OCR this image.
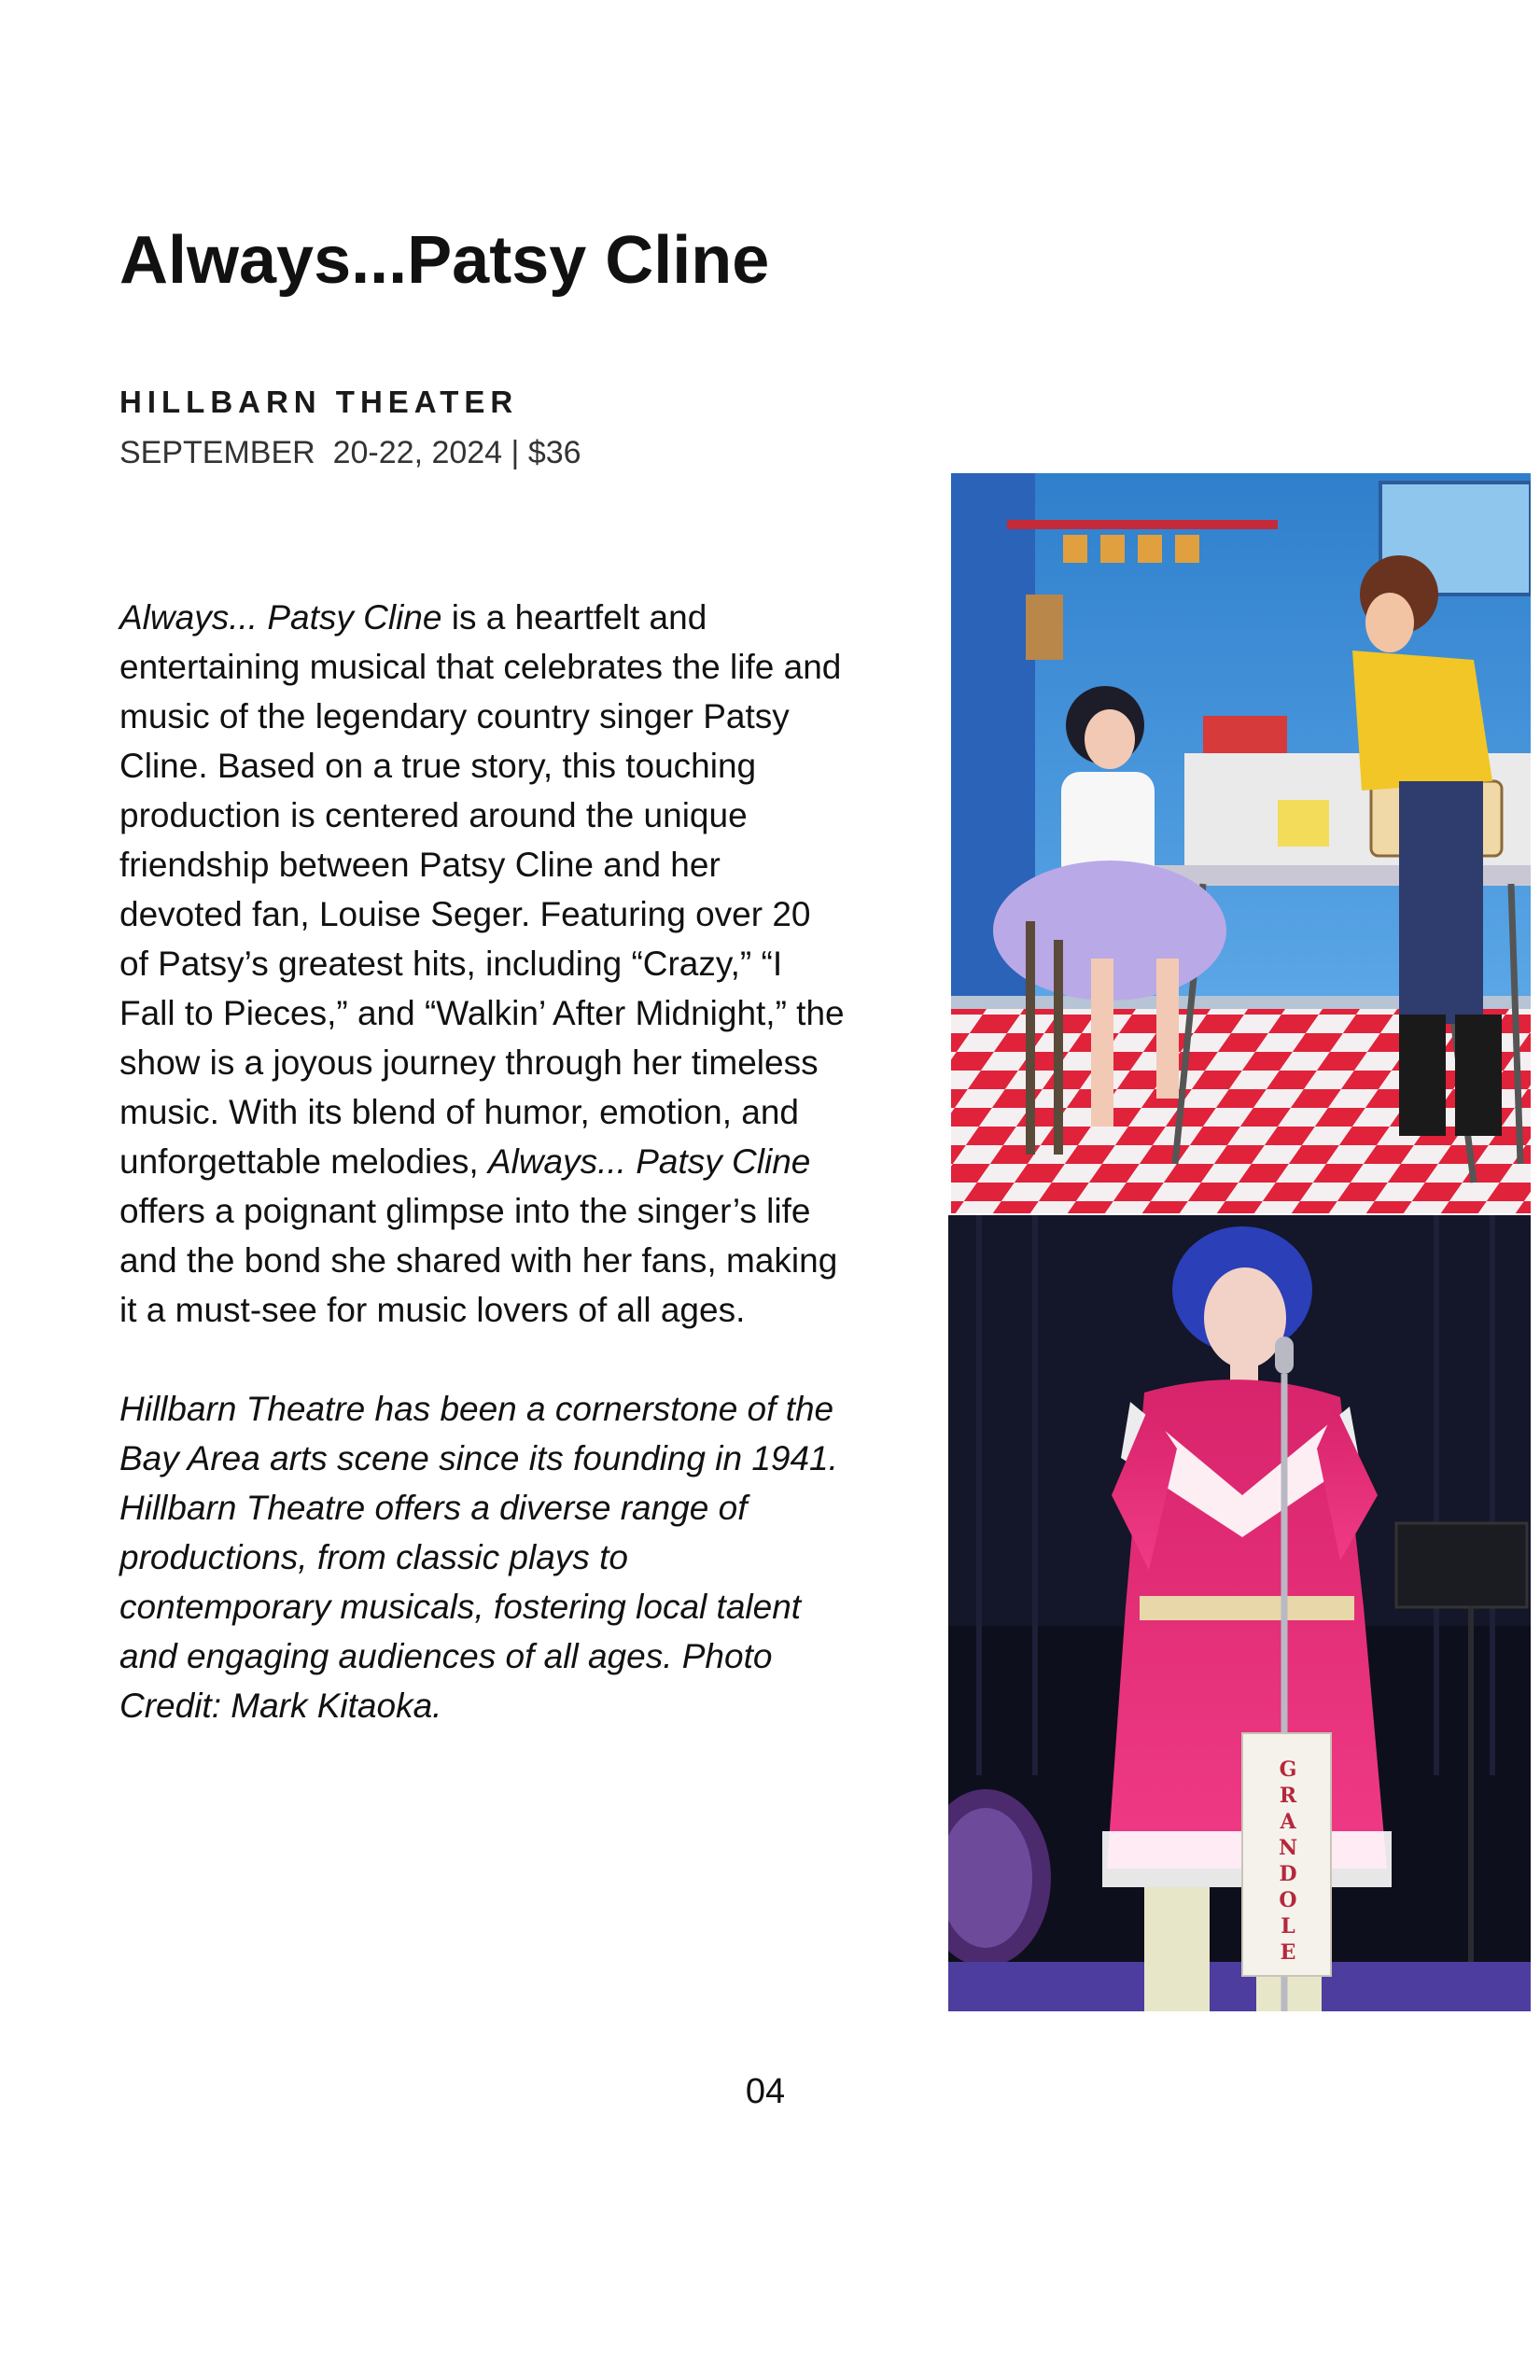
Always...Patsy Cline
HILLBARN THEATER
SEPTEMBER  20-22, 2024 | $36

Always... Patsy Cline is a heartfelt and entertaining musical that celebrates the life and music of the legendary country singer Patsy Cline. Based on a true story, this touching production is centered around the unique friendship between Patsy Cline and her devoted fan, Louise Seger. Featuring over 20 of Patsy’s greatest hits, including “Crazy,” “I Fall to Pieces,” and “Walkin’ After Midnight,” the show is a joyous journey through her timeless music. With its blend of humor, emotion, and unforgettable melodies, Always... Patsy Cline offers a poignant glimpse into the singer’s life and the bond she shared with her fans, making it a must-see for music lovers of all ages.

Hillbarn Theatre has been a cornerstone of the Bay Area arts scene since its founding in 1941. Hillbarn Theatre offers a diverse range of productions, from classic plays to contemporary musicals, fostering local talent and engaging audiences of all ages. Photo Credit: Mark Kitaoka.

GRAND OLE
04
